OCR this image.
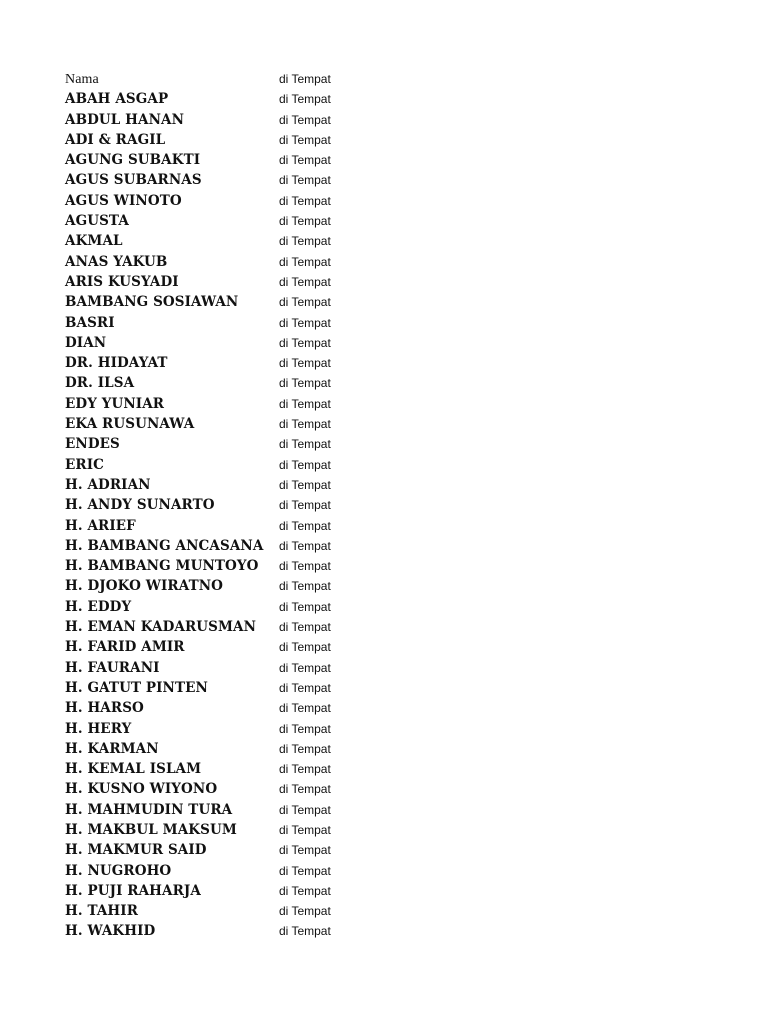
Nama	di Tempat
ABAH ASGAP	di Tempat
ABDUL HANAN	di Tempat
ADI & RAGIL	di Tempat
AGUNG SUBAKTI	di Tempat
AGUS SUBARNAS	di Tempat
AGUS WINOTO	di Tempat
AGUSTA	di Tempat
AKMAL	di Tempat
ANAS YAKUB	di Tempat
ARIS KUSYADI	di Tempat
BAMBANG SOSIAWAN	di Tempat
BASRI	di Tempat
DIAN	di Tempat
DR. HIDAYAT	di Tempat
DR. ILSA	di Tempat
EDY YUNIAR	di Tempat
EKA RUSUNAWA	di Tempat
ENDES	di Tempat
ERIC	di Tempat
H. ADRIAN	di Tempat
H. ANDY SUNARTO	di Tempat
H. ARIEF	di Tempat
H. BAMBANG ANCASANA	di Tempat
H. BAMBANG MUNTOYO	di Tempat
H. DJOKO WIRATNO	di Tempat
H. EDDY	di Tempat
H. EMAN KADARUSMAN	di Tempat
H. FARID AMIR	di Tempat
H. FAURANI	di Tempat
H. GATUT PINTEN	di Tempat
H. HARSO	di Tempat
H. HERY	di Tempat
H. KARMAN	di Tempat
H. KEMAL ISLAM	di Tempat
H. KUSNO WIYONO	di Tempat
H. MAHMUDIN TURA	di Tempat
H. MAKBUL MAKSUM	di Tempat
H. MAKMUR SAID	di Tempat
H. NUGROHO	di Tempat
H. PUJI RAHARJA	di Tempat
H. TAHIR	di Tempat
H. WAKHID	di Tempat
